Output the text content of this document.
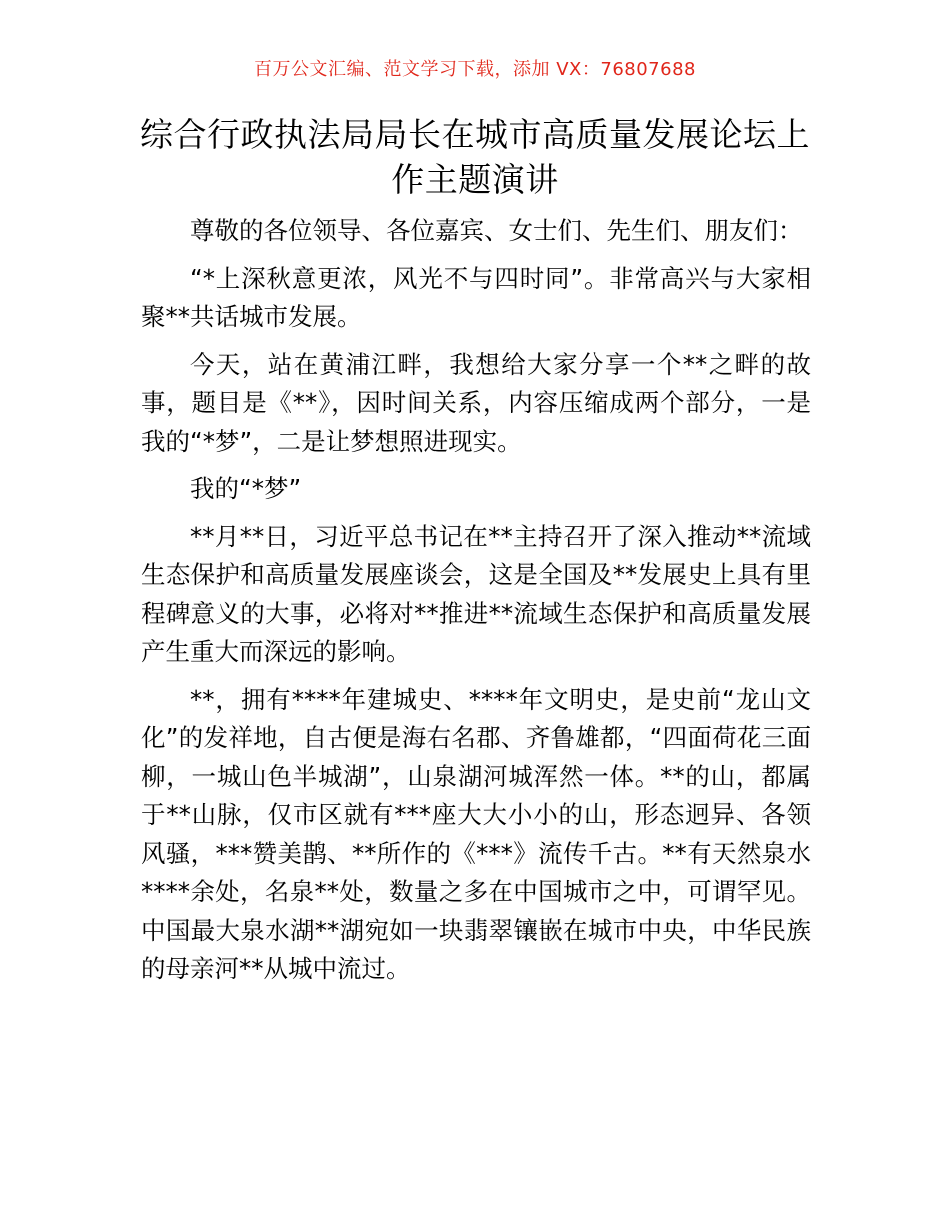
百万公文汇编、范文学习下载，添加 VX：76807688
综合行政执法局局长在城市高质量发展论坛上
作主题演讲

尊敬的各位领导、各位嘉宾、女士们、先生们、朋友们：

“*上深秋意更浓，风光不与四时同”。非常高兴与大家相聚**共话城市发展。

今天，站在黄浦江畔，我想给大家分享一个**之畔的故事，题目是《**》，因时间关系，内容压缩成两个部分，一是我的“*梦”，二是让梦想照进现实。

我的“*梦”

**月**日，习近平总书记在**主持召开了深入推动**流域生态保护和高质量发展座谈会，这是全国及**发展史上具有里程碑意义的大事，必将对**推进**流域生态保护和高质量发展产生重大而深远的影响。

**，拥有****年建城史、****年文明史，是史前“龙山文化”的发祥地，自古便是海右名郡、齐鲁雄都，“四面荷花三面柳，一城山色半城湖”，山泉湖河城浑然一体。**的山，都属于**山脉，仅市区就有***座大大小小的山，形态迥异、各领风骚，***赞美鹊、**所作的《***》流传千古。**有天然泉水****余处，名泉**处，数量之多在中国城市之中，可谓罕见。中国最大泉水湖**湖宛如一块翡翠镶嵌在城市中央，中华民族的母亲河**从城中流过。
